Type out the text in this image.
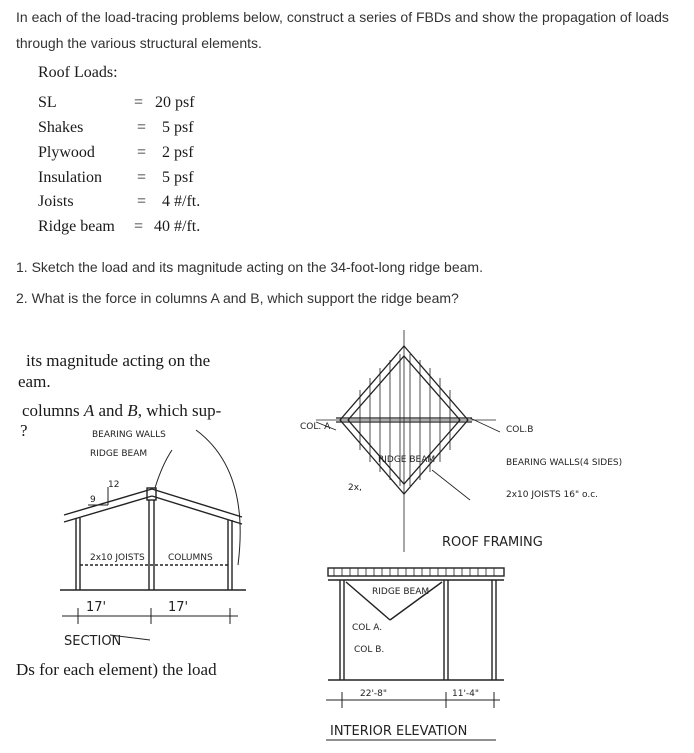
In each of the load-tracing problems below, construct a series of FBDs and show the propagation of loads through the various structural elements.
Roof Loads:
SL	= 20 psf
Shakes	= 5 psf
Plywood	= 2 psf
Insulation = 5 psf
Joists	= 4 #/ft.
Ridge beam = 40 #/ft.
1. Sketch the load and its magnitude acting on the 34-foot-long ridge beam.
2. What is the force in columns A and B, which support the ridge beam?
its magnitude acting on the
eam.
columns A and B, which sup-
?
Ds for each element) the load
BEARING WALLS
RIDGE BEAM
12
9
2x10 JOISTS	COLUMNS
17'	17'
SECTION
COL. A	COL.B
RIDGE BEAM
2x,
BEARING WALLS(4 SIDES)
2x10 JOISTS 16" o.c.
ROOF FRAMING
RIDGE BEAM
COL A.
COL B.
22'-8"	11'-4"
INTERIOR ELEVATION
